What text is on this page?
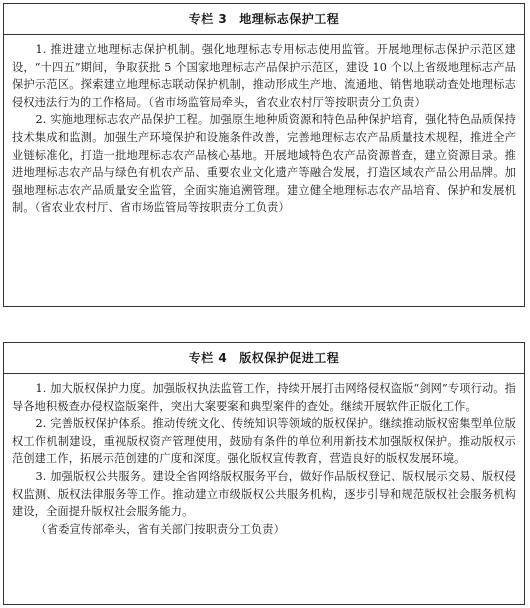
专栏 3 地理标志保护工程

1. 推进建立地理标志保护机制。强化地理标志专用标志使用监管。开展地理标志保护示范区建设，“十四五”期间，争取获批 5 个国家地理标志产品保护示范区，建设 10 个以上省级地理标志产品保护示范区。探索建立地理标志联动保护机制，推动形成生产地、流通地、销售地联动查处地理标志侵权违法行为的工作格局。（省市场监管局牵头，省农业农村厅等按职责分工负责）

2. 实施地理标志农产品保护工程。加强原生地种质资源和特色品种保护培育，强化特色品质保持技术集成和监测。加强生产环境保护和设施条件改善，完善地理标志农产品质量技术规程，推进全产业链标准化，打造一批地理标志农产品核心基地。开展地域特色农产品资源普查，建立资源目录。推进地理标志农产品与绿色有机农产品、重要农业文化遗产等融合发展，打造区域农产品公用品牌。加强地理标志农产品质量安全监管，全面实施追溯管理。建立健全地理标志农产品培育、保护和发展机制。（省农业农村厅、省市场监管局等按职责分工负责）

专栏 4 版权保护促进工程

1. 加大版权保护力度。加强版权执法监管工作，持续开展打击网络侵权盗版“剑网”专项行动。指导各地积极查办侵权盗版案件，突出大案要案和典型案件的查处。继续开展软件正版化工作。

2. 完善版权保护体系。推动传统文化、传统知识等领域的版权保护。继续推动版权密集型单位版权工作机制建设，重视版权资产管理使用，鼓励有条件的单位利用新技术加强版权保护。推动版权示范创建工作，拓展示范创建的广度和深度。强化版权宣传教育，营造良好的版权发展环境。

3. 加强版权公共服务。建设全省网络版权服务平台，做好作品版权登记、版权展示交易、版权侵权监测、版权法律服务等工作。推动建立市级版权公共服务机构，逐步引导和规范版权社会服务机构建设，全面提升版权社会服务能力。

（省委宣传部牵头，省有关部门按职责分工负责）
